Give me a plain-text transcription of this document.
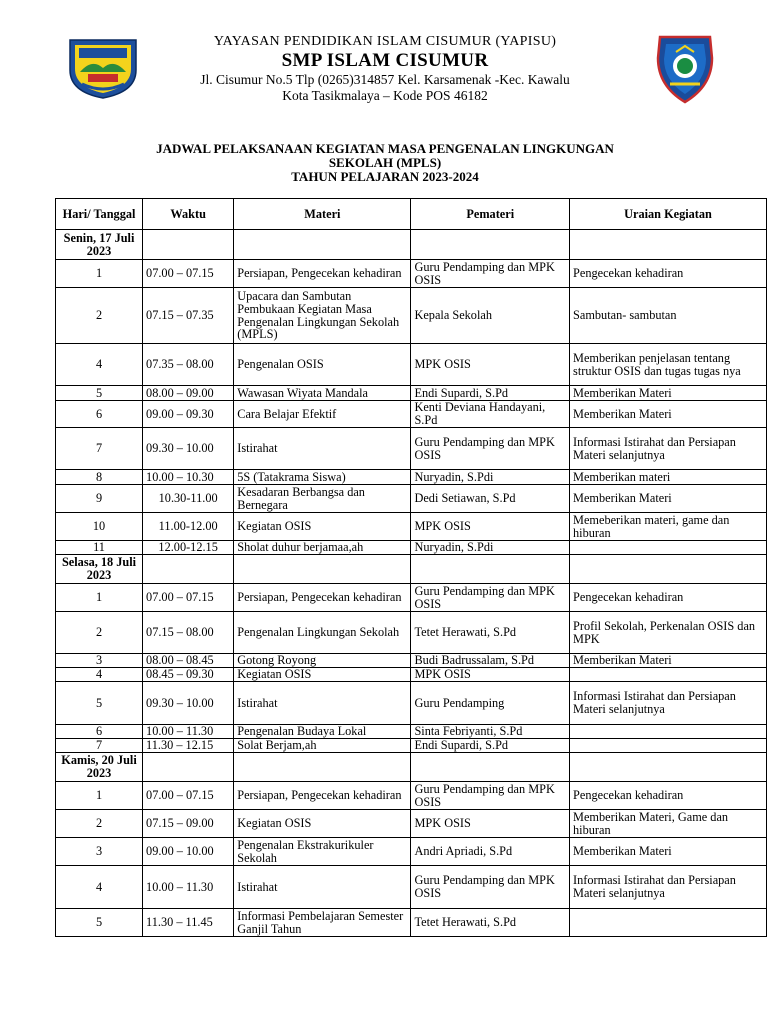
YAYASAN PENDIDIKAN ISLAM CISUMUR (YAPISU)
SMP ISLAM CISUMUR
Jl. Cisumur No.5 Tlp (0265)314857 Kel. Karsamenak -Kec. Kawalu
Kota Tasikmalaya – Kode POS 46182
JADWAL PELAKSANAAN KEGIATAN MASA PENGENALAN LINGKUNGAN
SEKOLAH (MPLS)
TAHUN PELAJARAN 2023-2024
Hari/ Tanggal	Waktu	Materi	Pemateri	Uraian Kegiatan
Senin, 17 Juli 2023				
1	07.00 – 07.15	Persiapan, Pengecekan kehadiran	Guru Pendamping dan MPK OSIS	Pengecekan kehadiran
2	07.15 – 07.35	Upacara dan Sambutan Pembukaan Kegiatan Masa Pengenalan Lingkungan Sekolah (MPLS)	Kepala Sekolah	Sambutan- sambutan
4	07.35 – 08.00	Pengenalan OSIS	MPK OSIS	Memberikan penjelasan tentang struktur OSIS dan tugas tugas nya
5	08.00 – 09.00	Wawasan Wiyata Mandala	Endi Supardi, S.Pd	Memberikan Materi
6	09.00 – 09.30	Cara Belajar Efektif	Kenti Deviana Handayani, S.Pd	Memberikan Materi
7	09.30 – 10.00	Istirahat	Guru Pendamping dan MPK OSIS	Informasi Istirahat dan Persiapan Materi selanjutnya
8	10.00 – 10.30	5S (Tatakrama Siswa)	Nuryadin, S.Pdi	Memberikan materi
9	10.30-11.00	Kesadaran Berbangsa dan Bernegara	Dedi Setiawan, S.Pd	Memberikan Materi
10	11.00-12.00	Kegiatan OSIS	MPK OSIS	Memeberikan materi, game dan hiburan
11	12.00-12.15	Sholat duhur berjamaa,ah	Nuryadin, S.Pdi	
Selasa, 18 Juli 2023				
1	07.00 – 07.15	Persiapan, Pengecekan kehadiran	Guru Pendamping dan MPK OSIS	Pengecekan kehadiran
2	07.15 – 08.00	Pengenalan Lingkungan Sekolah	Tetet Herawati, S.Pd	Profil Sekolah, Perkenalan OSIS dan MPK
3	08.00 – 08.45	Gotong Royong	Budi Badrussalam, S.Pd	Memberikan Materi
4	08.45 – 09.30	Kegiatan OSIS	MPK OSIS	
5	09.30 – 10.00	Istirahat	Guru Pendamping	Informasi Istirahat dan Persiapan Materi selanjutnya
6	10.00 – 11.30	Pengenalan Budaya Lokal	Sinta Febriyanti, S.Pd	
7	11.30 – 12.15	Solat Berjam,ah	Endi Supardi, S.Pd	
Kamis, 20 Juli 2023				
1	07.00 – 07.15	Persiapan, Pengecekan kehadiran	Guru Pendamping dan MPK OSIS	Pengecekan kehadiran
2	07.15 – 09.00	Kegiatan OSIS	MPK OSIS	Memberikan Materi, Game dan hiburan
3	09.00 – 10.00	Pengenalan Ekstrakurikuler Sekolah	Andri Apriadi, S.Pd	Memberikan Materi
4	10.00 – 11.30	Istirahat	Guru Pendamping dan MPK OSIS	Informasi Istirahat dan Persiapan Materi selanjutnya
5	11.30 – 11.45	Informasi Pembelajaran Semester Ganjil Tahun	Tetet Herawati, S.Pd	
